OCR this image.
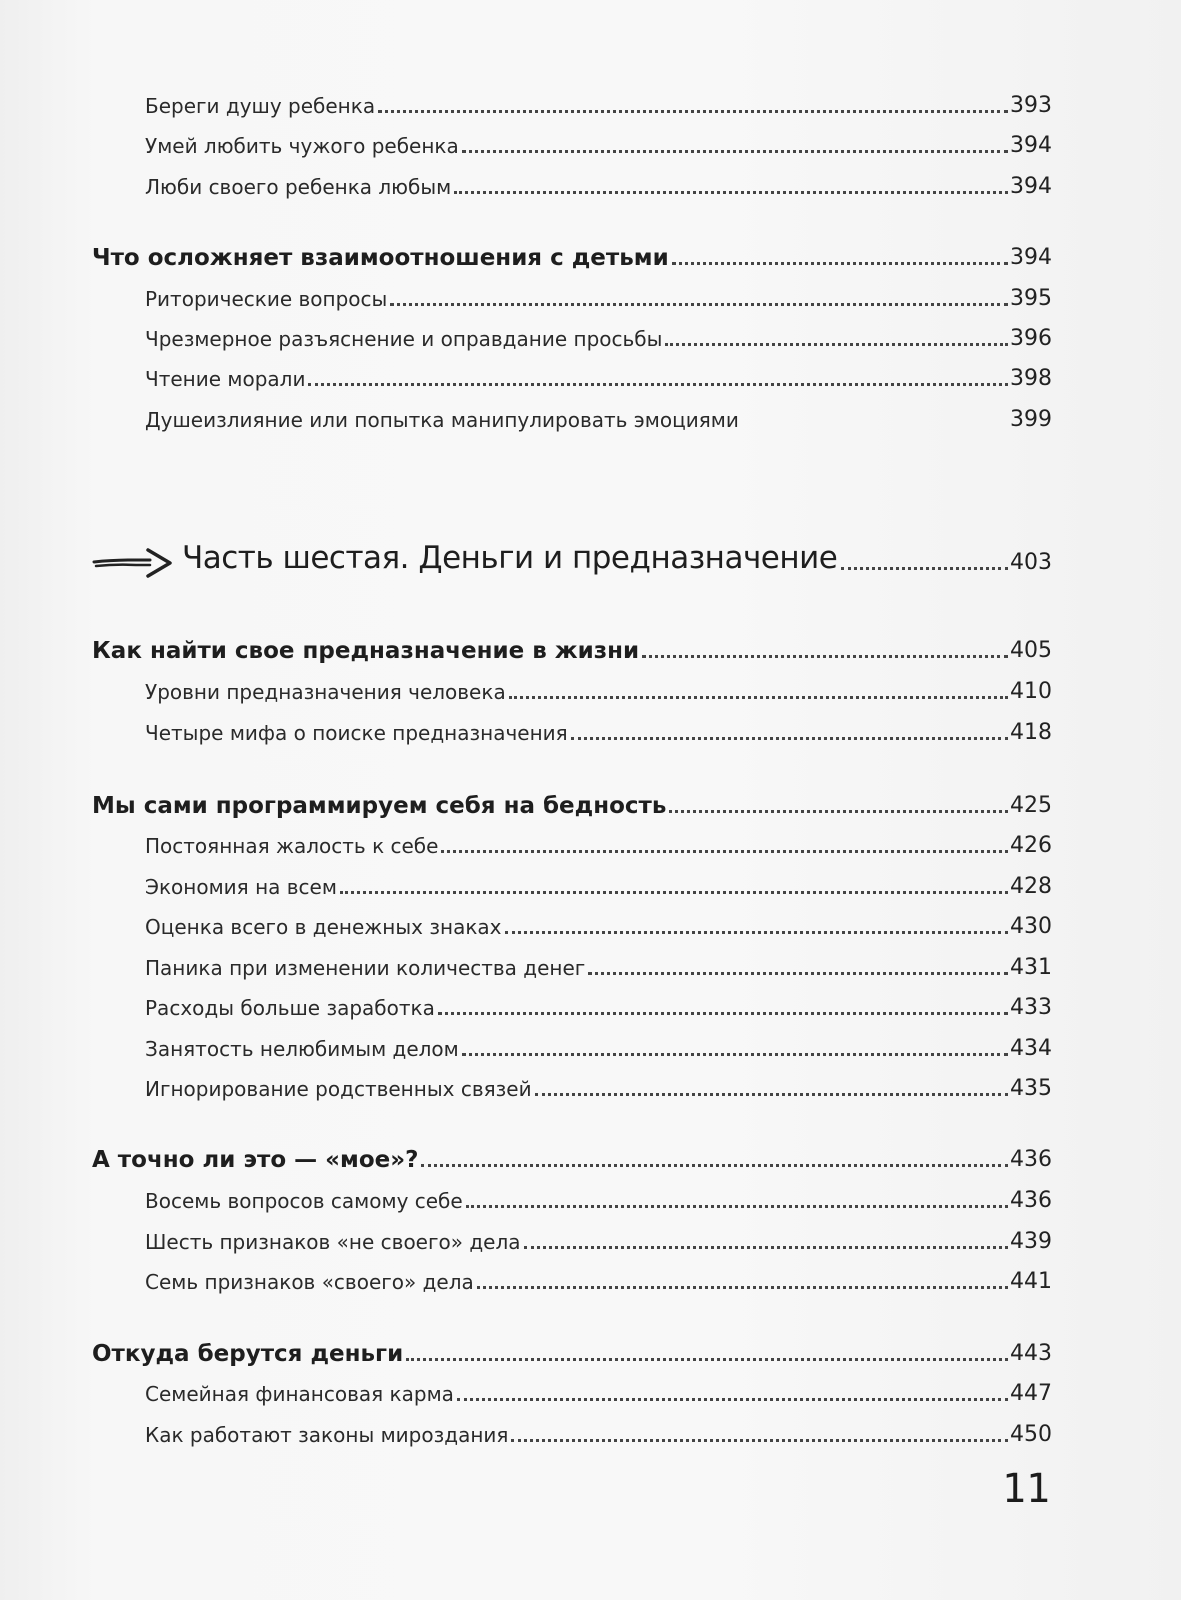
Береги душу ребенка	393
Умей любить чужого ребенка	394
Люби своего ребенка любым	394
Что осложняет взаимоотношения с детьми	394
Риторические вопросы	395
Чрезмерное разъяснение и оправдание просьбы	396
Чтение морали	398
Душеизлияние или попытка манипулировать эмоциями	399
Часть шестая. Деньги и предназначение	403
Как найти свое предназначение в жизни	405
Уровни предназначения человека	410
Четыре мифа о поиске предназначения	418
Мы сами программируем себя на бедность	425
Постоянная жалость к себе	426
Экономия на всем	428
Оценка всего в денежных знаках	430
Паника при изменении количества денег	431
Расходы больше заработка	433
Занятость нелюбимым делом	434
Игнорирование родственных связей	435
А точно ли это — «мое»?	436
Восемь вопросов самому себе	436
Шесть признаков «не своего» дела	439
Семь признаков «своего» дела	441
Откуда берутся деньги	443
Семейная финансовая карма	447
Как работают законы мироздания	450
11
